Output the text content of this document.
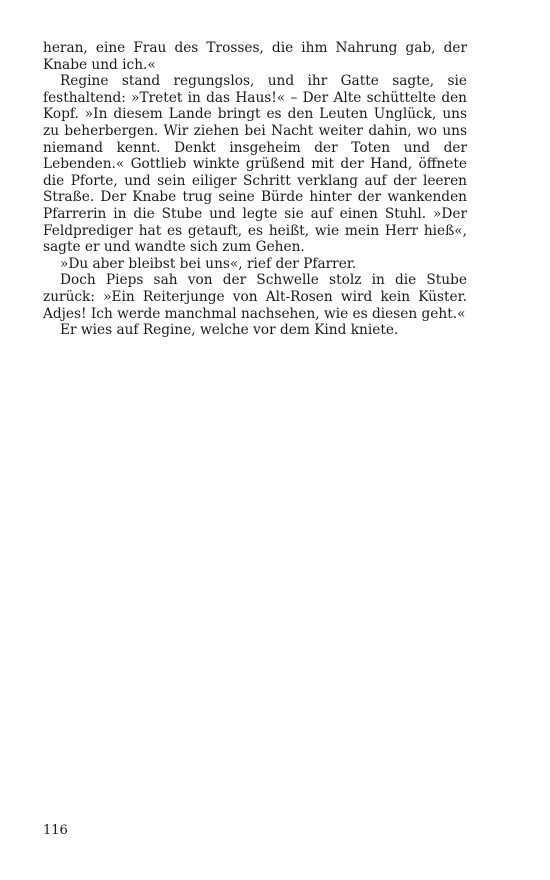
heran, eine Frau des Trosses, die ihm Nahrung gab, der Knabe und ich.«

Regine stand regungslos, und ihr Gatte sagte, sie festhaltend: »Tretet in das Haus!« – Der Alte schüttelte den Kopf. »In diesem Lande bringt es den Leuten Unglück, uns zu beherbergen. Wir ziehen bei Nacht weiter dahin, wo uns niemand kennt. Denkt insgeheim der Toten und der Lebenden.« Gottlieb winkte grüßend mit der Hand, öffnete die Pforte, und sein eiliger Schritt verklang auf der leeren Straße. Der Knabe trug seine Bürde hinter der wankenden Pfarrerin in die Stube und legte sie auf einen Stuhl. »Der Feldprediger hat es getauft, es heißt, wie mein Herr hieß«, sagte er und wandte sich zum Gehen.

»Du aber bleibst bei uns«, rief der Pfarrer.

Doch Pieps sah von der Schwelle stolz in die Stube zurück: »Ein Reiterjunge von Alt-Rosen wird kein Küster. Adjes! Ich werde manchmal nachsehen, wie es diesen geht.«

Er wies auf Regine, welche vor dem Kind kniete.

116
